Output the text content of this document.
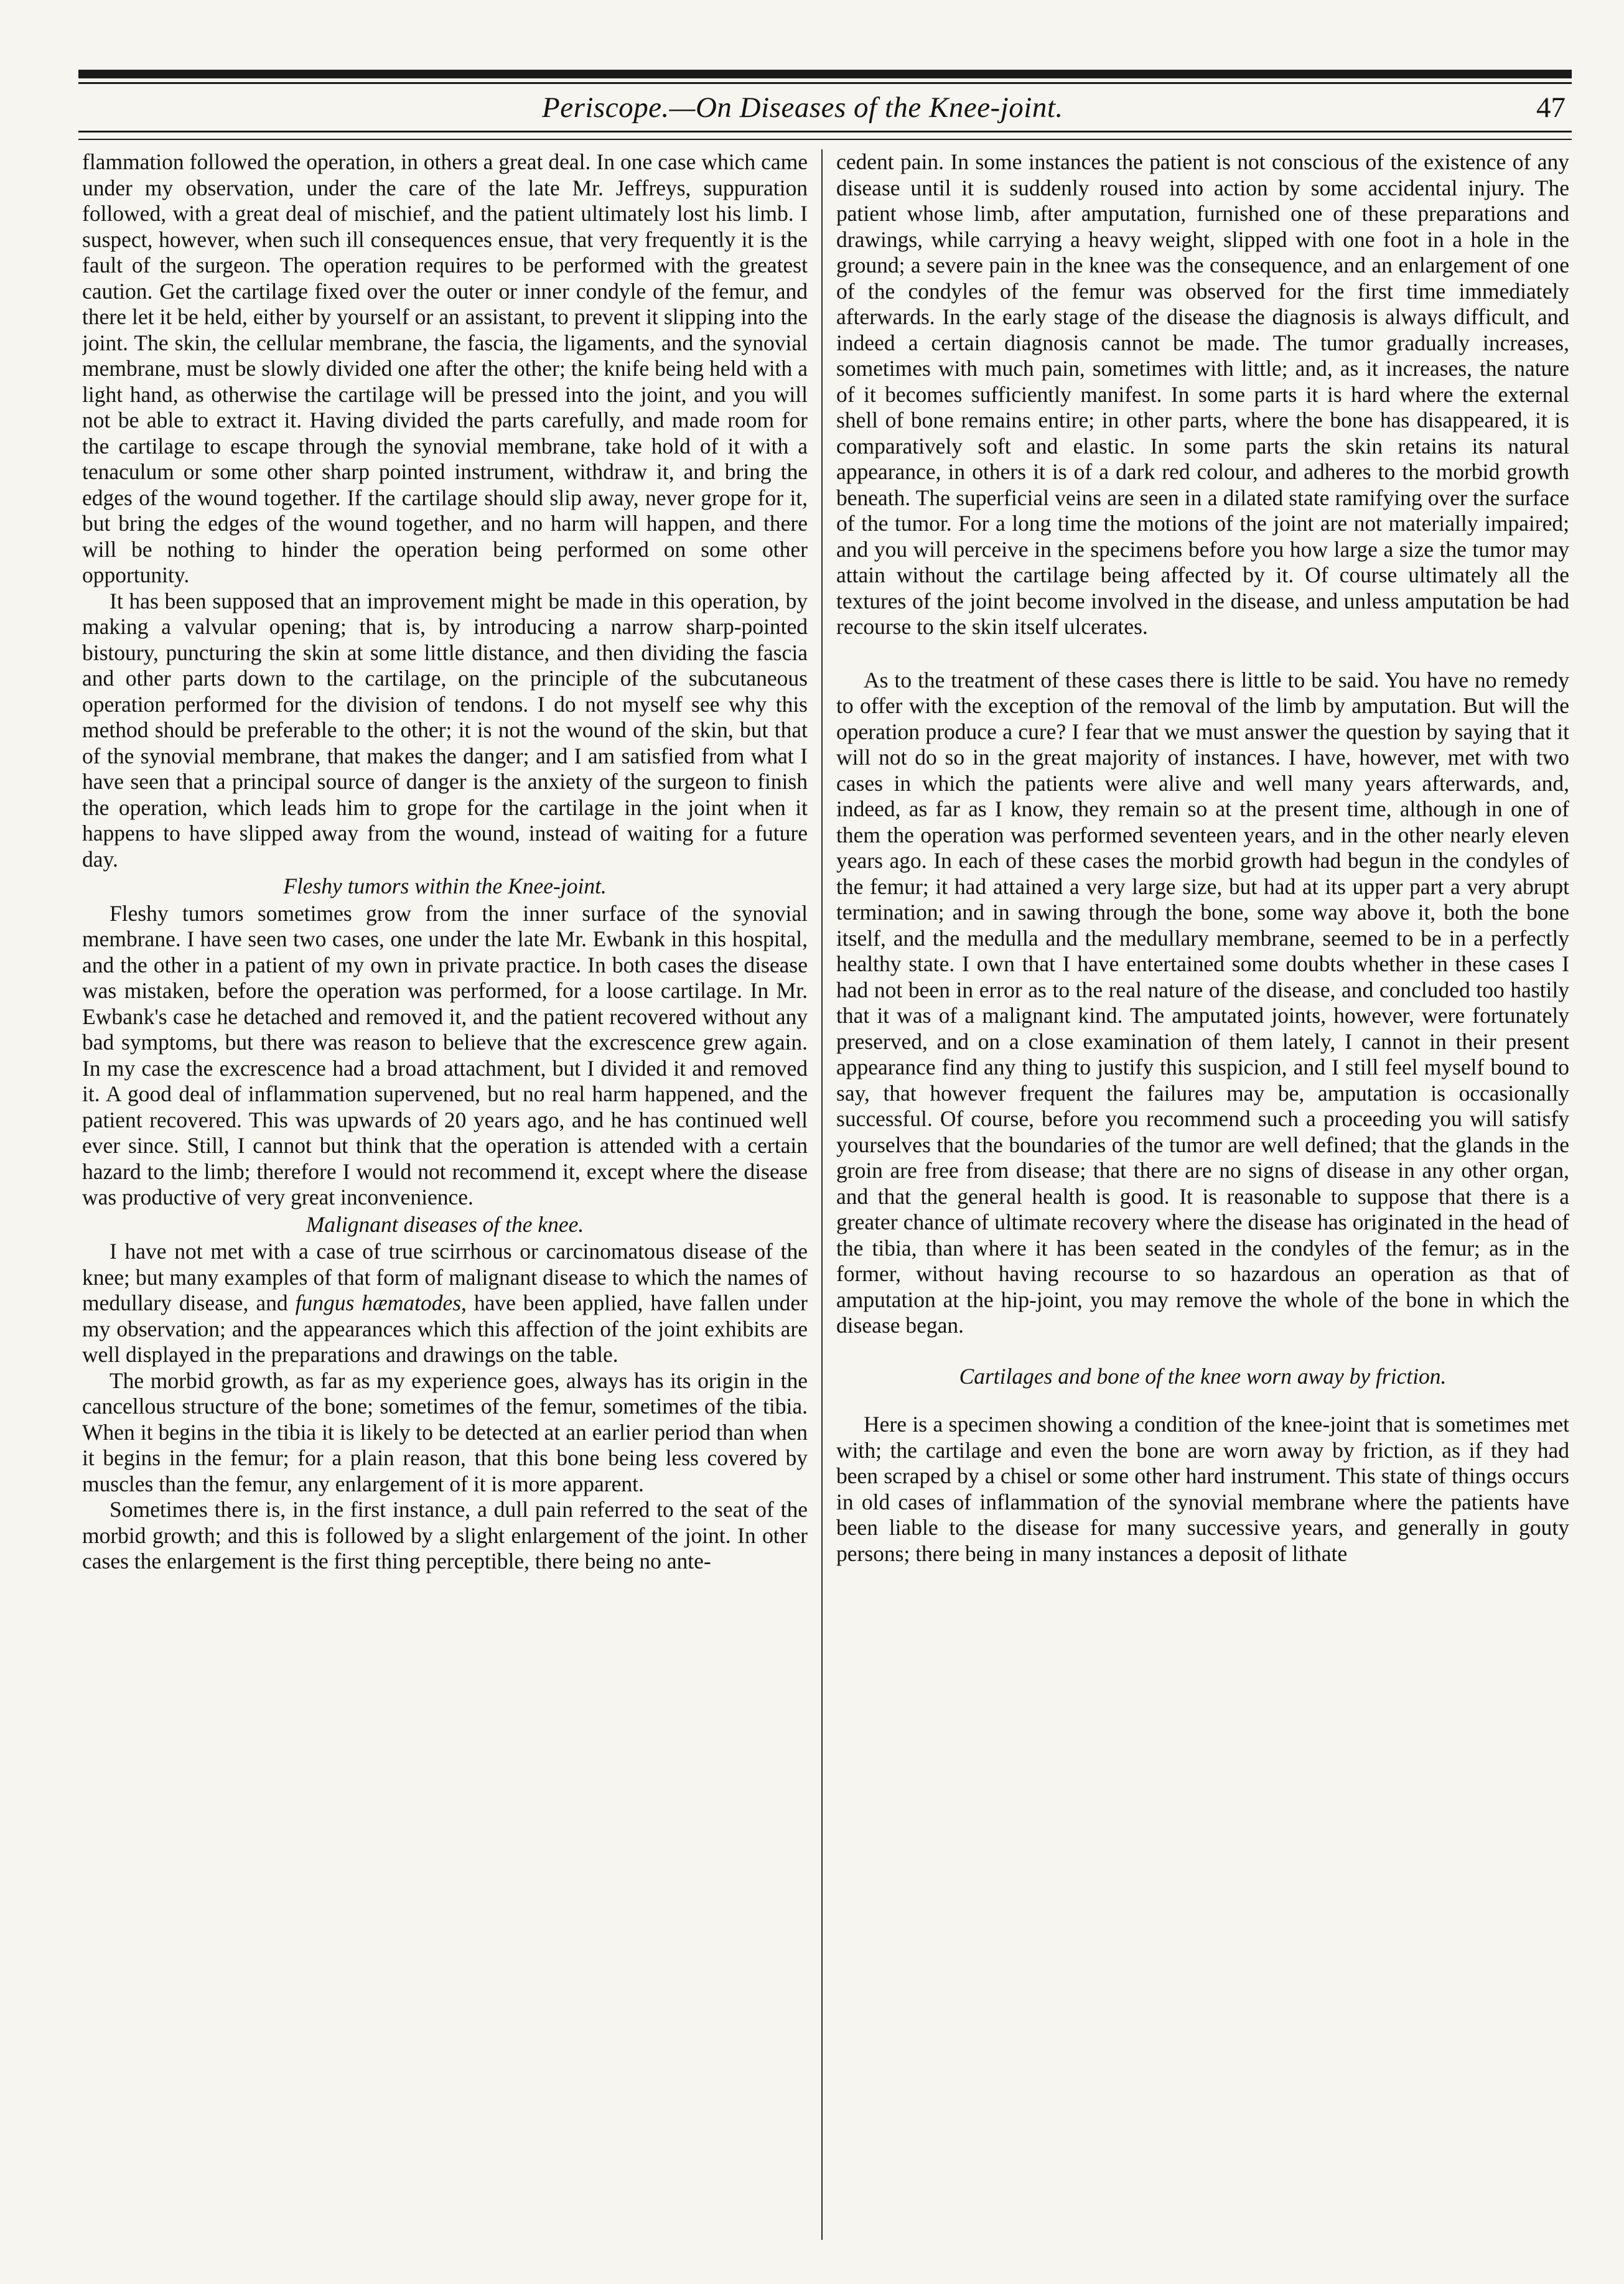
Periscope.—On Diseases of the Knee-joint.	47

flammation followed the operation, in others a great deal. In one case which came under my observation, under the care of the late Mr. Jeffreys, suppuration followed, with a great deal of mischief, and the patient ultimately lost his limb. I suspect, however, when such ill consequences ensue, that very frequently it is the fault of the surgeon. The operation requires to be performed with the greatest caution. Get the cartilage fixed over the outer or inner condyle of the femur, and there let it be held, either by yourself or an assistant, to prevent it slipping into the joint. The skin, the cellular membrane, the fascia, the ligaments, and the synovial membrane, must be slowly divided one after the other; the knife being held with a light hand, as otherwise the cartilage will be pressed into the joint, and you will not be able to extract it. Having divided the parts carefully, and made room for the cartilage to escape through the synovial membrane, take hold of it with a tenaculum or some other sharp pointed instrument, withdraw it, and bring the edges of the wound together. If the cartilage should slip away, never grope for it, but bring the edges of the wound together, and no harm will happen, and there will be nothing to hinder the operation being performed on some other opportunity.

It has been supposed that an improvement might be made in this operation, by making a valvular opening; that is, by introducing a narrow sharp-pointed bistoury, puncturing the skin at some little distance, and then dividing the fascia and other parts down to the cartilage, on the principle of the subcutaneous operation performed for the division of tendons. I do not myself see why this method should be preferable to the other; it is not the wound of the skin, but that of the synovial membrane, that makes the danger; and I am satisfied from what I have seen that a principal source of danger is the anxiety of the surgeon to finish the operation, which leads him to grope for the cartilage in the joint when it happens to have slipped away from the wound, instead of waiting for a future day.

Fleshy tumors within the Knee-joint.

Fleshy tumors sometimes grow from the inner surface of the synovial membrane. I have seen two cases, one under the late Mr. Ewbank in this hospital, and the other in a patient of my own in private practice. In both cases the disease was mistaken, before the operation was performed, for a loose cartilage. In Mr. Ewbank's case he detached and removed it, and the patient recovered without any bad symptoms, but there was reason to believe that the excrescence grew again. In my case the excrescence had a broad attachment, but I divided it and removed it. A good deal of inflammation supervened, but no real harm happened, and the patient recovered. This was upwards of 20 years ago, and he has continued well ever since. Still, I cannot but think that the operation is attended with a certain hazard to the limb; therefore I would not recommend it, except where the disease was productive of very great inconvenience.

Malignant diseases of the knee.

I have not met with a case of true scirrhous or carcinomatous disease of the knee; but many examples of that form of malignant disease to which the names of medullary disease, and fungus hæmatodes, have been applied, have fallen under my observation; and the appearances which this affection of the joint exhibits are well displayed in the preparations and drawings on the table.

The morbid growth, as far as my experience goes, always has its origin in the cancellous structure of the bone; sometimes of the femur, sometimes of the tibia. When it begins in the tibia it is likely to be detected at an earlier period than when it begins in the femur; for a plain reason, that this bone being less covered by muscles than the femur, any enlargement of it is more apparent.

Sometimes there is, in the first instance, a dull pain referred to the seat of the morbid growth; and this is followed by a slight enlargement of the joint. In other cases the enlargement is the first thing perceptible, there being no ante-

cedent pain. In some instances the patient is not conscious of the existence of any disease until it is suddenly roused into action by some accidental injury. The patient whose limb, after amputation, furnished one of these preparations and drawings, while carrying a heavy weight, slipped with one foot in a hole in the ground; a severe pain in the knee was the consequence, and an enlargement of one of the condyles of the femur was observed for the first time immediately afterwards. In the early stage of the disease the diagnosis is always difficult, and indeed a certain diagnosis cannot be made. The tumor gradually increases, sometimes with much pain, sometimes with little; and, as it increases, the nature of it becomes sufficiently manifest. In some parts it is hard where the external shell of bone remains entire; in other parts, where the bone has disappeared, it is comparatively soft and elastic. In some parts the skin retains its natural appearance, in others it is of a dark red colour, and adheres to the morbid growth beneath. The superficial veins are seen in a dilated state ramifying over the surface of the tumor. For a long time the motions of the joint are not materially impaired; and you will perceive in the specimens before you how large a size the tumor may attain without the cartilage being affected by it. Of course ultimately all the textures of the joint become involved in the disease, and unless amputation be had recourse to the skin itself ulcerates.

As to the treatment of these cases there is little to be said. You have no remedy to offer with the exception of the removal of the limb by amputation. But will the operation produce a cure? I fear that we must answer the question by saying that it will not do so in the great majority of instances. I have, however, met with two cases in which the patients were alive and well many years afterwards, and, indeed, as far as I know, they remain so at the present time, although in one of them the operation was performed seventeen years, and in the other nearly eleven years ago. In each of these cases the morbid growth had begun in the condyles of the femur; it had attained a very large size, but had at its upper part a very abrupt termination; and in sawing through the bone, some way above it, both the bone itself, and the medulla and the medullary membrane, seemed to be in a perfectly healthy state. I own that I have entertained some doubts whether in these cases I had not been in error as to the real nature of the disease, and concluded too hastily that it was of a malignant kind. The amputated joints, however, were fortunately preserved, and on a close examination of them lately, I cannot in their present appearance find any thing to justify this suspicion, and I still feel myself bound to say, that however frequent the failures may be, amputation is occasionally successful. Of course, before you recommend such a proceeding you will satisfy yourselves that the boundaries of the tumor are well defined; that the glands in the groin are free from disease; that there are no signs of disease in any other organ, and that the general health is good. It is reasonable to suppose that there is a greater chance of ultimate recovery where the disease has originated in the head of the tibia, than where it has been seated in the condyles of the femur; as in the former, without having recourse to so hazardous an operation as that of amputation at the hip-joint, you may remove the whole of the bone in which the disease began.

Cartilages and bone of the knee worn away by friction.

Here is a specimen showing a condition of the knee-joint that is sometimes met with; the cartilage and even the bone are worn away by friction, as if they had been scraped by a chisel or some other hard instrument. This state of things occurs in old cases of inflammation of the synovial membrane where the patients have been liable to the disease for many successive years, and generally in gouty persons; there being in many instances a deposit of lithate
